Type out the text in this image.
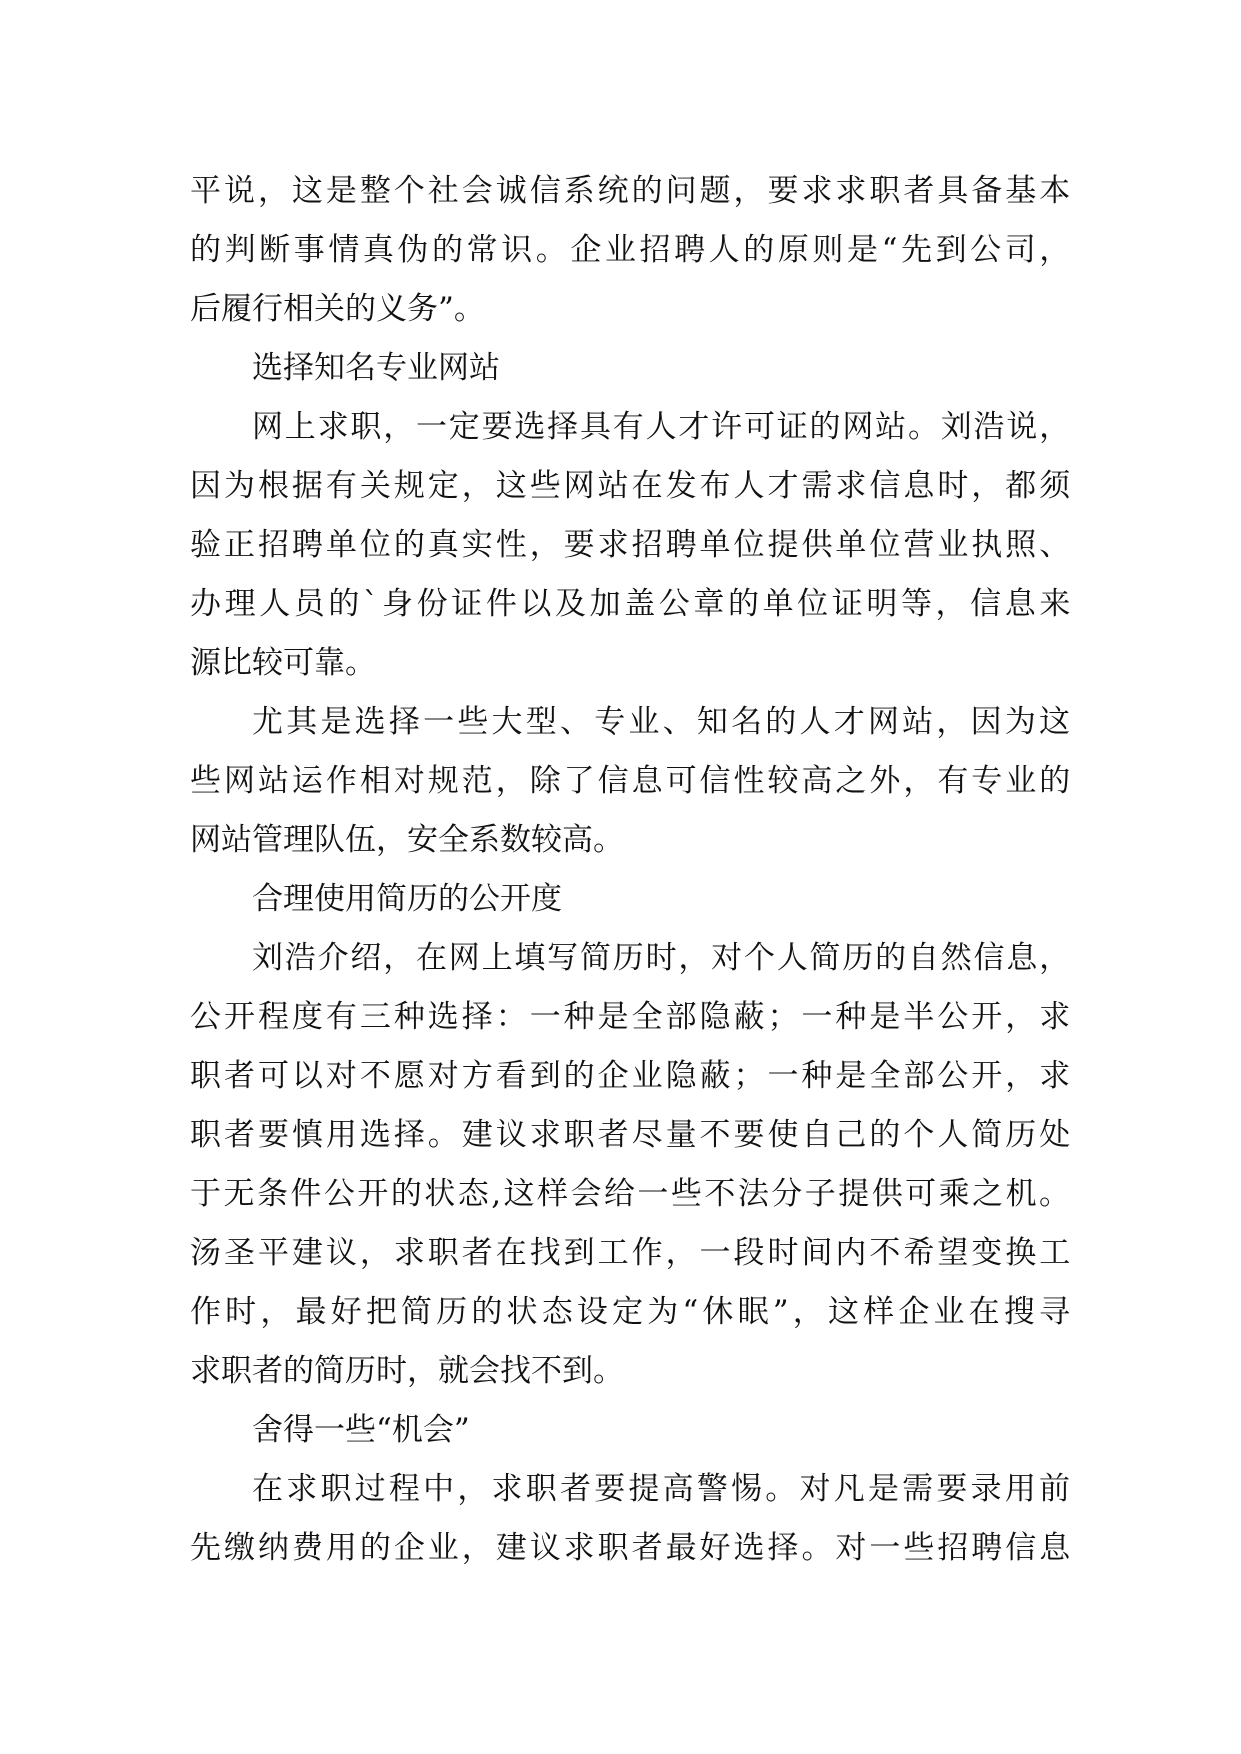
平说，这是整个社会诚信系统的问题，要求求职者具备基本
的判断事情真伪的常识。企业招聘人的原则是“先到公司，
后履行相关的义务”。
选择知名专业网站
网上求职，一定要选择具有人才许可证的网站。刘浩说，
因为根据有关规定，这些网站在发布人才需求信息时，都须
验正招聘单位的真实性，要求招聘单位提供单位营业执照、
办理人员的`身份证件以及加盖公章的单位证明等，信息来
源比较可靠。
尤其是选择一些大型、专业、知名的人才网站，因为这
些网站运作相对规范，除了信息可信性较高之外，有专业的
网站管理队伍，安全系数较高。
合理使用简历的公开度
刘浩介绍，在网上填写简历时，对个人简历的自然信息，
公开程度有三种选择：一种是全部隐蔽；一种是半公开，求
职者可以对不愿对方看到的企业隐蔽；一种是全部公开，求
职者要慎用选择。建议求职者尽量不要使自己的个人简历处
于无条件公开的状态,这样会给一些不法分子提供可乘之机。
汤圣平建议，求职者在找到工作，一段时间内不希望变换工
作时，最好把简历的状态设定为“休眠”，这样企业在搜寻
求职者的简历时，就会找不到。
舍得一些“机会”
在求职过程中，求职者要提高警惕。对凡是需要录用前
先缴纳费用的企业，建议求职者最好选择。对一些招聘信息
